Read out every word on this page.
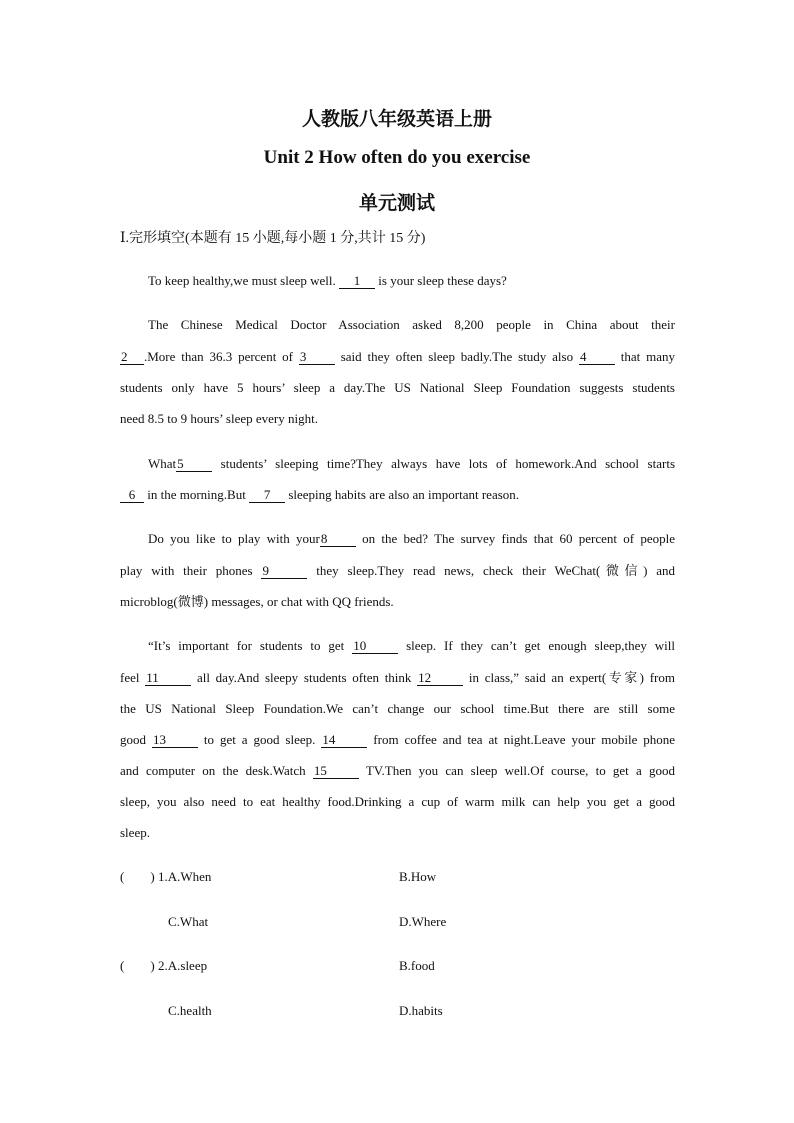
人教版八年级英语上册
Unit 2 How often do you exercise
单元测试
Ⅰ.完形填空(本题有 15 小题,每小题 1 分,共计 15 分)
To keep healthy,we must sleep well. 1 is your sleep these days?
The Chinese Medical Doctor Association asked 8,200 people in China about their
2 .More than 36.3 percent of 3	said they often sleep badly.The study also 4	that many
students only have 5 hours’ sleep a day.The US National Sleep Foundation suggests students
need 8.5 to 9 hours’ sleep every night.
What5	students’ sleeping time?They always have lots of homework.And school starts
6 in the morning.But 7 sleeping habits are also an important reason.
Do you like to play with your8	on the bed? The survey finds that 60 percent of people
play with their phones 9	they sleep.They read news, check their WeChat(微信) and
microblog(微博) messages, or chat with QQ friends.
“It’s important for students to get 10	sleep. If they can’t get enough sleep,they will
feel 11	all day.And sleepy students often think 12	in class,” said an expert(专家) from
the US National Sleep Foundation.We can’t change our school time.But there are still some
good 13	to get a good sleep. 14	from coffee and tea at night.Leave your mobile phone
and computer on the desk.Watch 15	TV.Then you can sleep well.Of course, to get a good
sleep, you also need to eat healthy food.Drinking a cup of warm milk can help you get a good
sleep.
( ) 1.A.When	B.How
C.What	D.Where
( ) 2.A.sleep	B.food
C.health	D.habits
